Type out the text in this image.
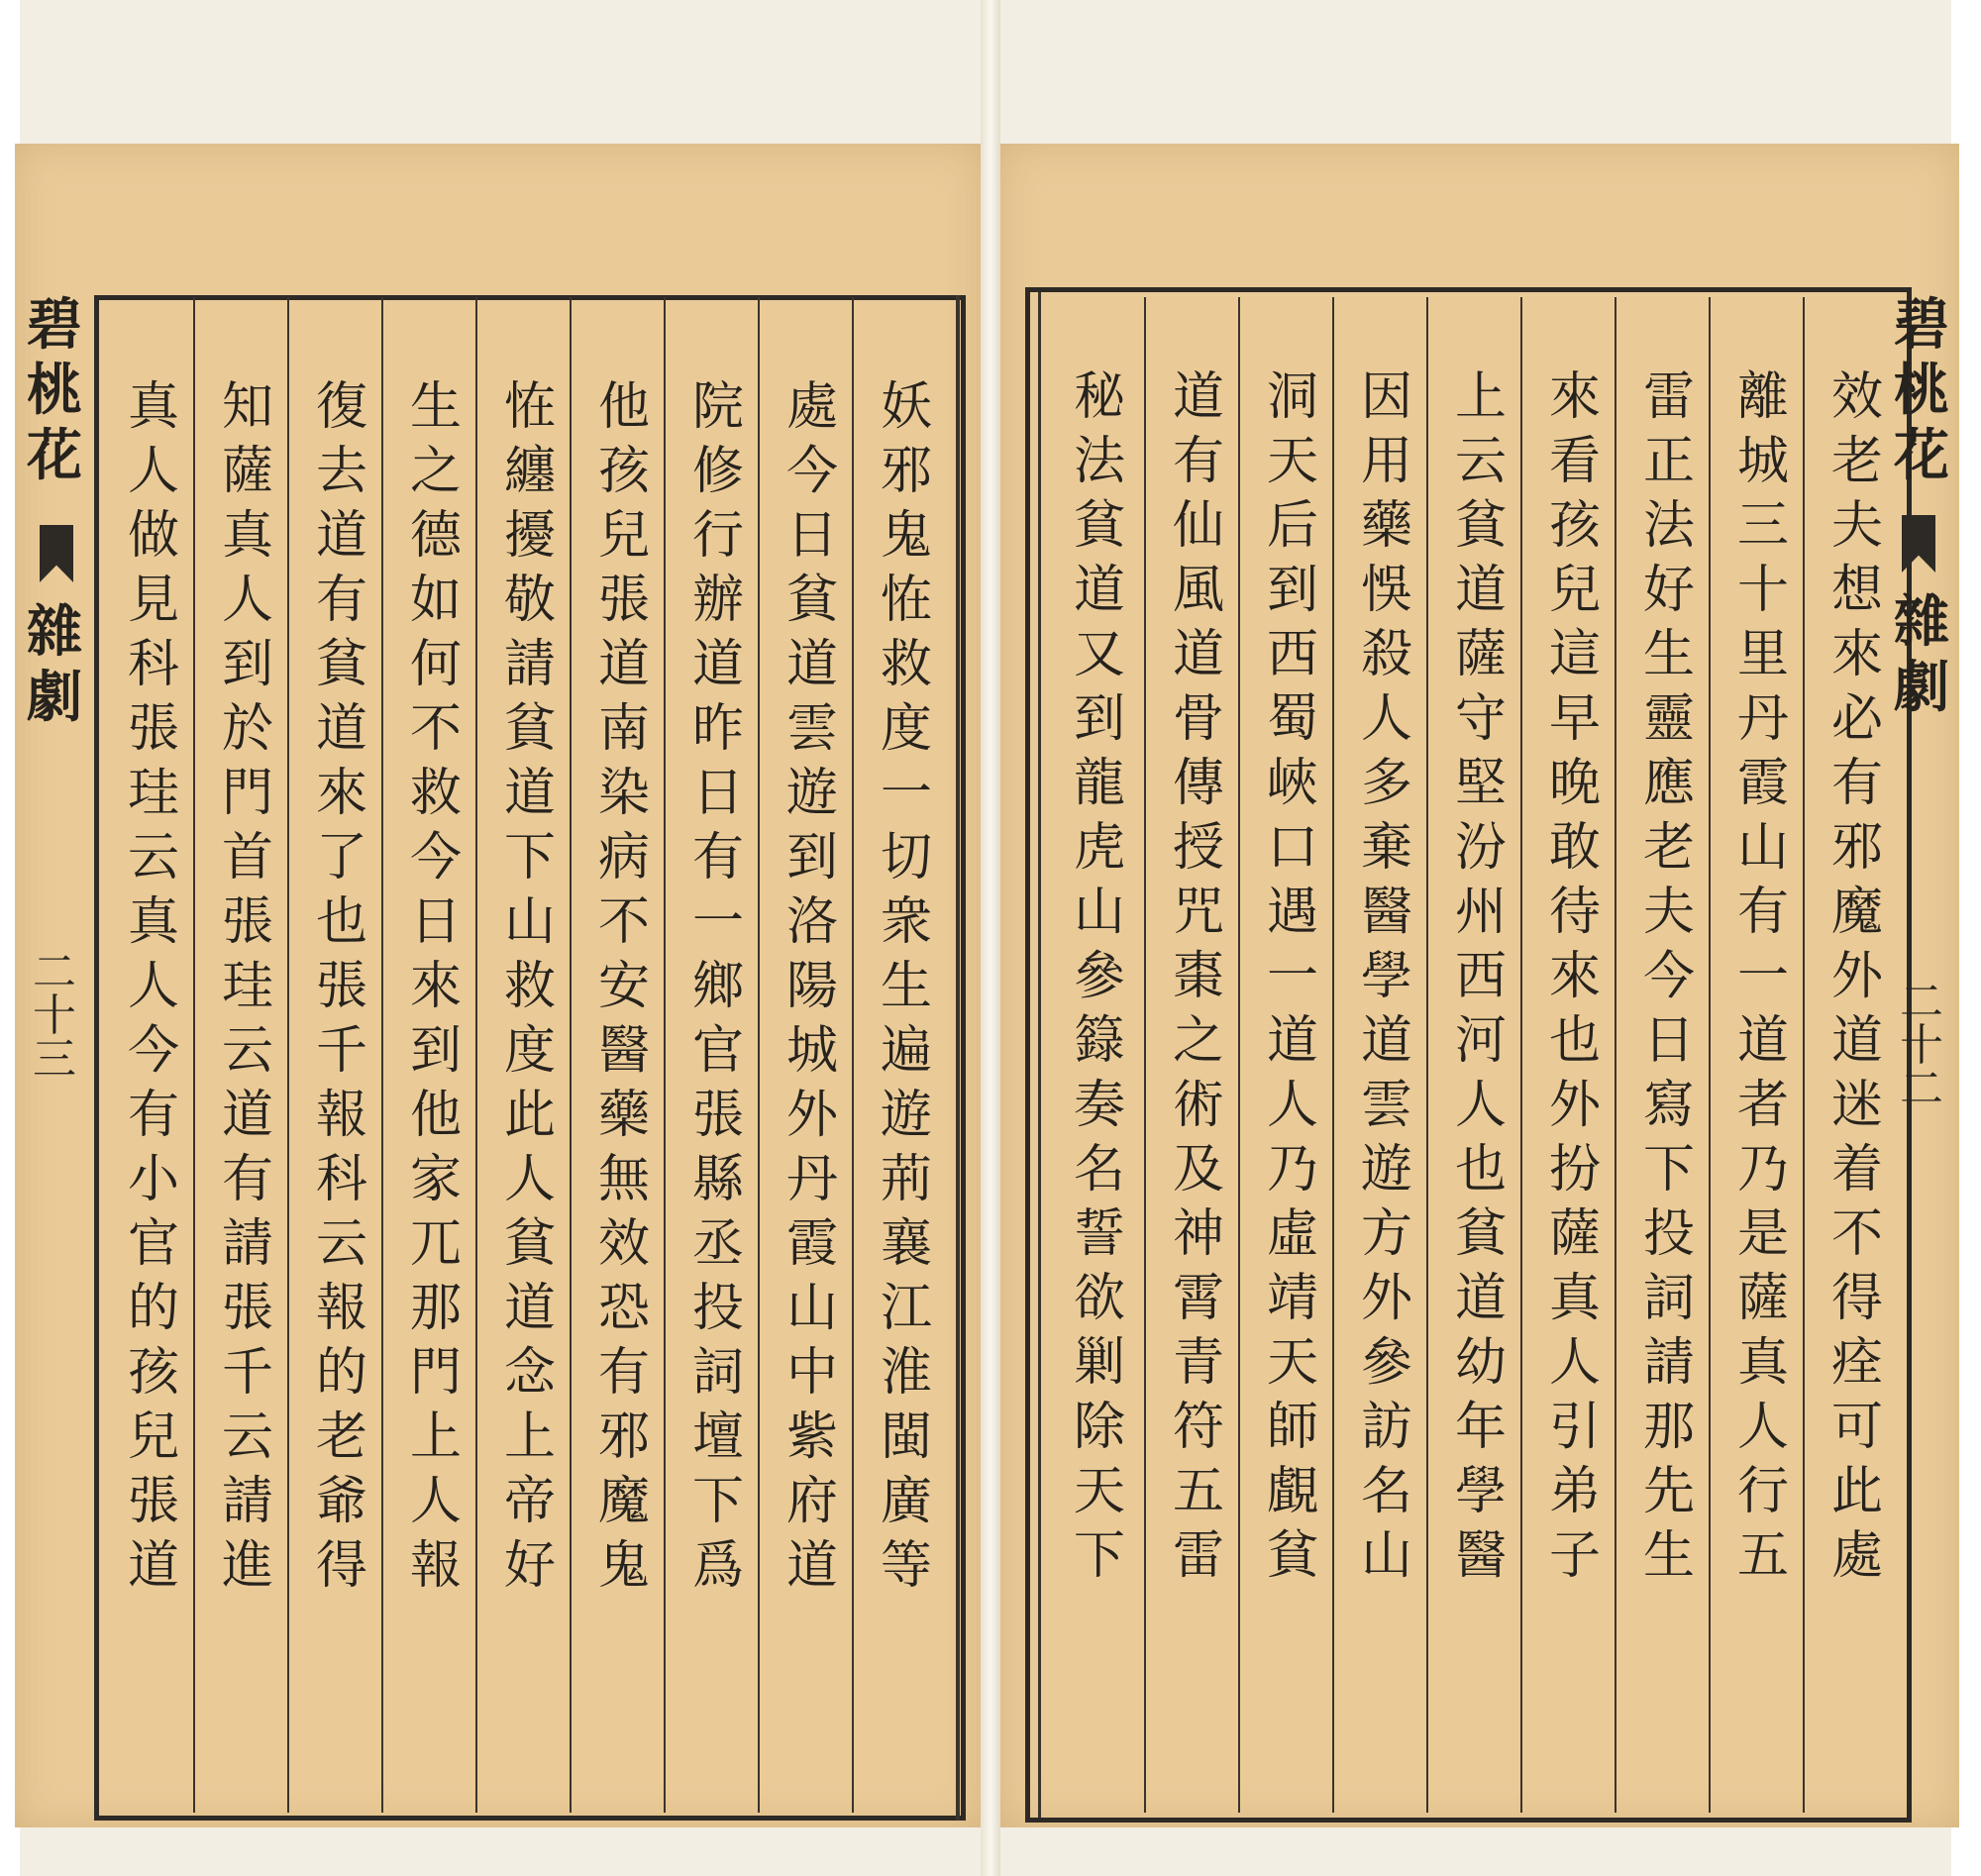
碧
桃
花
雜
劇
二
十
三
妖
邪
鬼
恠
救
度
一
切
衆
生
遍
遊
荊
襄
江
淮
閩
廣
等
處
今
日
貧
道
雲
遊
到
洛
陽
城
外
丹
霞
山
中
紫
府
道
院
修
行
辦
道
昨
日
有
一
鄉
官
張
縣
丞
投
詞
壇
下
爲
他
孩
兒
張
道
南
染
病
不
安
醫
藥
無
效
恐
有
邪
魔
鬼
恠
纏
擾
敬
請
貧
道
下
山
救
度
此
人
貧
道
念
上
帝
好
生
之
德
如
何
不
救
今
日
來
到
他
家
兀
那
門
上
人
報
復
去
道
有
貧
道
來
了
也
張
千
報
科
云
報
的
老
爺
得
知
薩
真
人
到
於
門
首
張
珪
云
道
有
請
張
千
云
請
進
真
人
做
見
科
張
珪
云
真
人
今
有
小
官
的
孩
兒
張
道
碧
桃
花
雜
劇
二
十
二
效
老
夫
想
來
必
有
邪
魔
外
道
迷
着
不
得
痊
可
此
處
離
城
三
十
里
丹
霞
山
有
一
道
者
乃
是
薩
真
人
行
五
雷
正
法
好
生
靈
應
老
夫
今
日
寫
下
投
詞
請
那
先
生
來
看
孩
兒
這
早
晚
敢
待
來
也
外
扮
薩
真
人
引
弟
子
上
云
貧
道
薩
守
堅
汾
州
西
河
人
也
貧
道
幼
年
學
醫
因
用
藥
悞
殺
人
多
棄
醫
學
道
雲
遊
方
外
參
訪
名
山
洞
天
后
到
西
蜀
峽
口
遇
一
道
人
乃
虛
靖
天
師
覰
貧
道
有
仙
風
道
骨
傳
授
咒
棗
之
術
及
神
霄
青
符
五
雷
秘
法
貧
道
又
到
龍
虎
山
參
籙
奏
名
誓
欲
剿
除
天
下
